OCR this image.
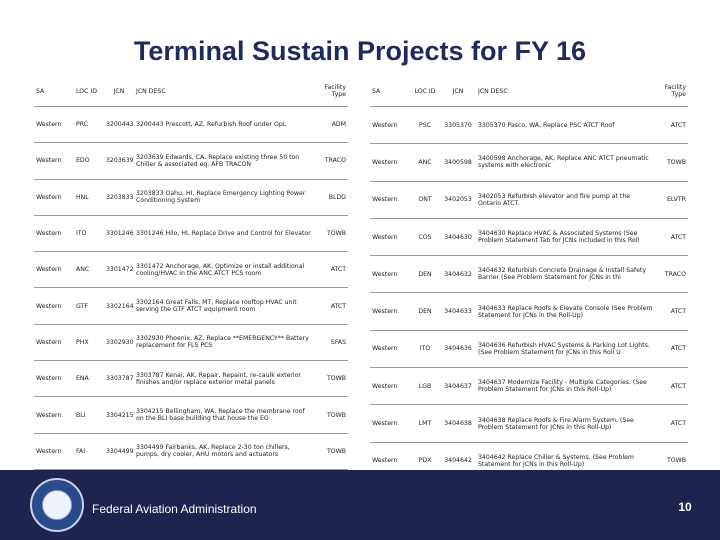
Terminal Sustain Projects for FY 16
SA	LOC ID	JCN	JCN DESC	Facility Type
Western	PRC	3200443	3200443 Prescott, AZ, Refurbish Roof under OpL	ADM
Western	EDO	3203639	3203639 Edwards, CA, Replace existing three 50 ton Chiller & associated eq. AFB TRACON	TRACO
Western	HNL	3203833	3203833 Oahu, HI, Replace Emergency Lighting Power Conditioning System	BLDG
Western	ITO	3301246	3301246 Hilo, HI, Replace Drive and Control for Elevator	TOWB
Western	ANC	3301472	3301472 Anchorage, AK, Optimize or install additional cooling/HVAC in the ANC ATCT PCS room	ATCT
Western	GTF	3302164	3302164 Great Falls, MT, Replace rooftop HVAC unit serving the GTF ATCT equipment room	ATCT
Western	PHX	3302930	3302930 Phoenix, AZ, Replace **EMERGENCY** Battery replacement for FLS PCS	SFAS
Western	ENA	3303787	3303787 Kenai, AK, Repair, Repaint, re-caulk exterior finishes and/or replace exterior metal panels	TOWB
Western	BLI	3304215	3304215 Bellingham, WA, Replace the membrane roof on the BLI base building that house the EG	TOWB
Western	FAI	3304499	3304499 Fairbanks, AK, Replace 2-30 ton chillers, pumps, dry cooler, AHU motors and actuators	TOWB

SA	LOC ID	JCN	JCN DESC	Facility Type
Western	PSC	3305370	3305370 Pasco, WA, Replace PSC ATCT Roof	ATCT
Western	ANC	3400598	3400598 Anchorage, AK, Replace ANC ATCT pneumatic systems with electronic	TOWB
Western	ONT	3402053	3402053 Refurbish elevator and fire pump at the Ontario ATCT.	ELVTR
Western	COS	3404630	3404630 Replace HVAC & Associated Systems (See Problem Statement Tab for JCNs included in this Roll	ATCT
Western	DEN	3404632	3404632 Refurbish Concrete Drainage & Install Safety Barrier (See Problem Statement for JCNs in thi	TRACO
Western	DEN	3404633	3404633 Replace Roofs & Elevate Console (See Problem Statement for JCNs in the Roll-Up)	ATCT
Western	ITO	3404636	3404636 Refurbish HVAC Systems & Parking Lot Lights. (See Problem Statement for JCNs in this Roll U	ATCT
Western	LGB	3404637	3404637 Modernize Facility - Multiple Categories. (See Problem Statement for JCNs in this Roll-Up)	ATCT
Western	LMT	3404638	3404638 Replace Roofs & Fire Alarm System. (See Problem Statement for JCNs in this Roll-Up)	ATCT
Western	PDX	3404642	3404642 Replace Chiller & Systems. (See Problem Statement for JCNs in this Roll-Up)	TOWB

Federal Aviation Administration	10
